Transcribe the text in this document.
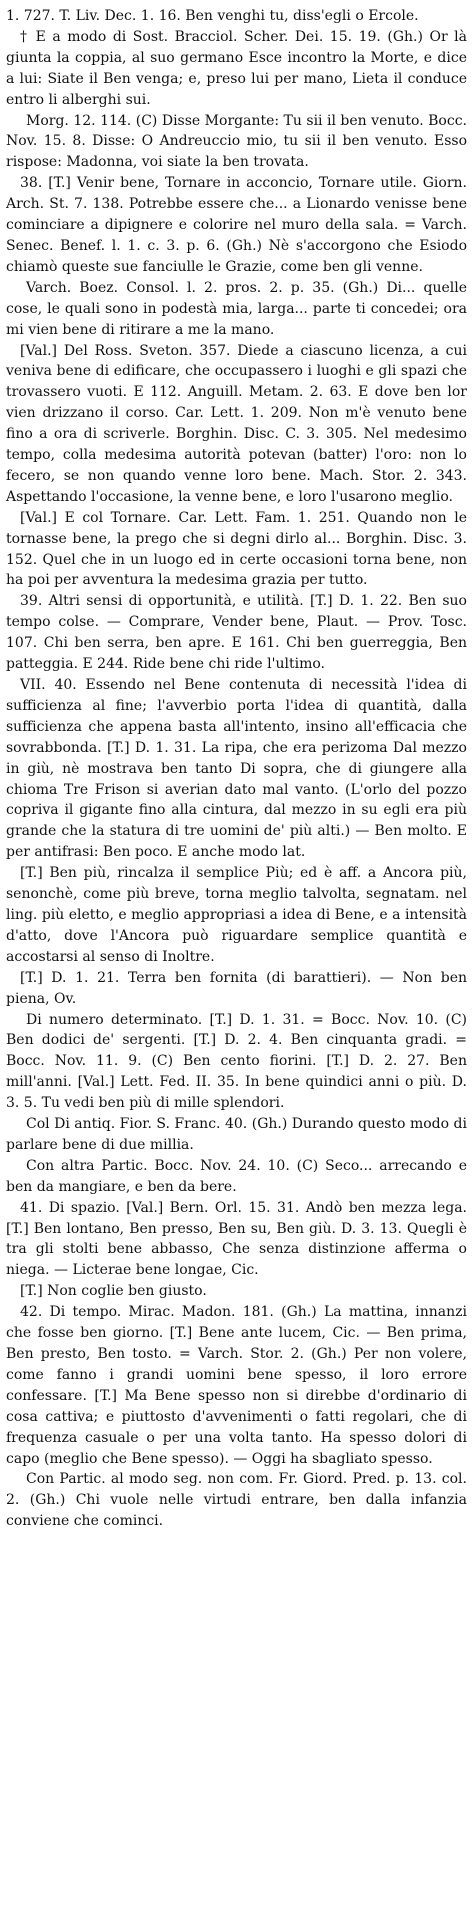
1. 727. T. Liv. Dec. 1. 16. Ben venghi tu, diss'egli o Ercole.

† E a modo di Sost. Bracciol. Scher. Dei. 15. 19. (Gh.) Or là giunta la coppia, al suo germano Esce incontro la Morte, e dice a lui: Siate il Ben venga; e, preso lui per mano, Lieta il conduce entro li alberghi sui.

Morg. 12. 114. (C) Disse Morgante: Tu sii il ben venuto. Bocc. Nov. 15. 8. Disse: O Andreuccio mio, tu sii il ben venuto. Esso rispose: Madonna, voi siate la ben trovata.

38. [T.] Venir bene, Tornare in acconcio, Tornare utile. Giorn. Arch. St. 7. 138. Potrebbe essere che... a Lionardo venisse bene cominciare a dipignere e colorire nel muro della sala. = Varch. Senec. Benef. l. 1. c. 3. p. 6. (Gh.) Nè s'accorgono che Esiodo chiamò queste sue fanciulle le Grazie, come ben gli venne.

Varch. Boez. Consol. l. 2. pros. 2. p. 35. (Gh.) Di... quelle cose, le quali sono in podestà mia, larga... parte ti concedei; ora mi vien bene di ritirare a me la mano.

[Val.] Del Ross. Sveton. 357. Diede a ciascuno licenza, a cui veniva bene di edificare, che occupassero i luoghi e gli spazi che trovassero vuoti. E 112. Anguill. Metam. 2. 63. E dove ben lor vien drizzano il corso. Car. Lett. 1. 209. Non m'è venuto bene fino a ora di scriverle. Borghin. Disc. C. 3. 305. Nel medesimo tempo, colla medesima autorità potevan (batter) l'oro: non lo fecero, se non quando venne loro bene. Mach. Stor. 2. 343. Aspettando l'occasione, la venne bene, e loro l'usarono meglio.

[Val.] E col Tornare. Car. Lett. Fam. 1. 251. Quando non le tornasse bene, la prego che si degni dirlo al... Borghin. Disc. 3. 152. Quel che in un luogo ed in certe occasioni torna bene, non ha poi per avventura la medesima grazia per tutto.

39. Altri sensi di opportunità, e utilità. [T.] D. 1. 22. Ben suo tempo colse. — Comprare, Vender bene, Plaut. — Prov. Tosc. 107. Chi ben serra, ben apre. E 161. Chi ben guerreggia, Ben patteggia. E 244. Ride bene chi ride l'ultimo.

VII. 40. Essendo nel Bene contenuta di necessità l'idea di sufficienza al fine; l'avverbio porta l'idea di quantità, dalla sufficienza che appena basta all'intento, insino all'efficacia che sovrabbonda. [T.] D. 1. 31. La ripa, che era perizoma Dal mezzo in giù, nè mostrava ben tanto Di sopra, che di giungere alla chioma Tre Frison si averian dato mal vanto. (L'orlo del pozzo copriva il gigante fino alla cintura, dal mezzo in su egli era più grande che la statura di tre uomini de' più alti.) — Ben molto. E per antifrasi: Ben poco. E anche modo lat.

[T.] Ben più, rincalza il semplice Più; ed è aff. a Ancora più, senonchè, come più breve, torna meglio talvolta, segnatam. nel ling. più eletto, e meglio appropriasi a idea di Bene, e a intensità d'atto, dove l'Ancora può riguardare semplice quantità e accostarsi al senso di Inoltre.

[T.] D. 1. 21. Terra ben fornita (di barattieri). — Non ben piena, Ov.

Di numero determinato. [T.] D. 1. 31. = Bocc. Nov. 10. (C) Ben dodici de' sergenti. [T.] D. 2. 4. Ben cinquanta gradi. = Bocc. Nov. 11. 9. (C) Ben cento fiorini. [T.] D. 2. 27. Ben mill'anni. [Val.] Lett. Fed. II. 35. In bene quindici anni o più. D. 3. 5. Tu vedi ben più di mille splendori.

Col Di antiq. Fior. S. Franc. 40. (Gh.) Durando questo modo di parlare bene di due millia.

Con altra Partic. Bocc. Nov. 24. 10. (C) Seco... arrecando e ben da mangiare, e ben da bere.

41. Di spazio. [Val.] Bern. Orl. 15. 31. Andò ben mezza lega. [T.] Ben lontano, Ben presso, Ben su, Ben giù. D. 3. 13. Quegli è tra gli stolti bene abbasso, Che senza distinzione afferma o niega. — Licterae bene longae, Cic.

[T.] Non coglie ben giusto.

42. Di tempo. Mirac. Madon. 181. (Gh.) La mattina, innanzi che fosse ben giorno. [T.] Bene ante lucem, Cic. — Ben prima, Ben presto, Ben tosto. = Varch. Stor. 2. (Gh.) Per non volere, come fanno i grandi uomini bene spesso, il loro errore confessare. [T.] Ma Bene spesso non si direbbe d'ordinario di cosa cattiva; e piuttosto d'avvenimenti o fatti regolari, che di frequenza casuale o per una volta tanto. Ha spesso dolori di capo (meglio che Bene spesso). — Oggi ha sbagliato spesso.

Con Partic. al modo seg. non com. Fr. Giord. Pred. p. 13. col. 2. (Gh.) Chi vuole nelle virtudi entrare, ben dalla infanzia conviene che cominci.
